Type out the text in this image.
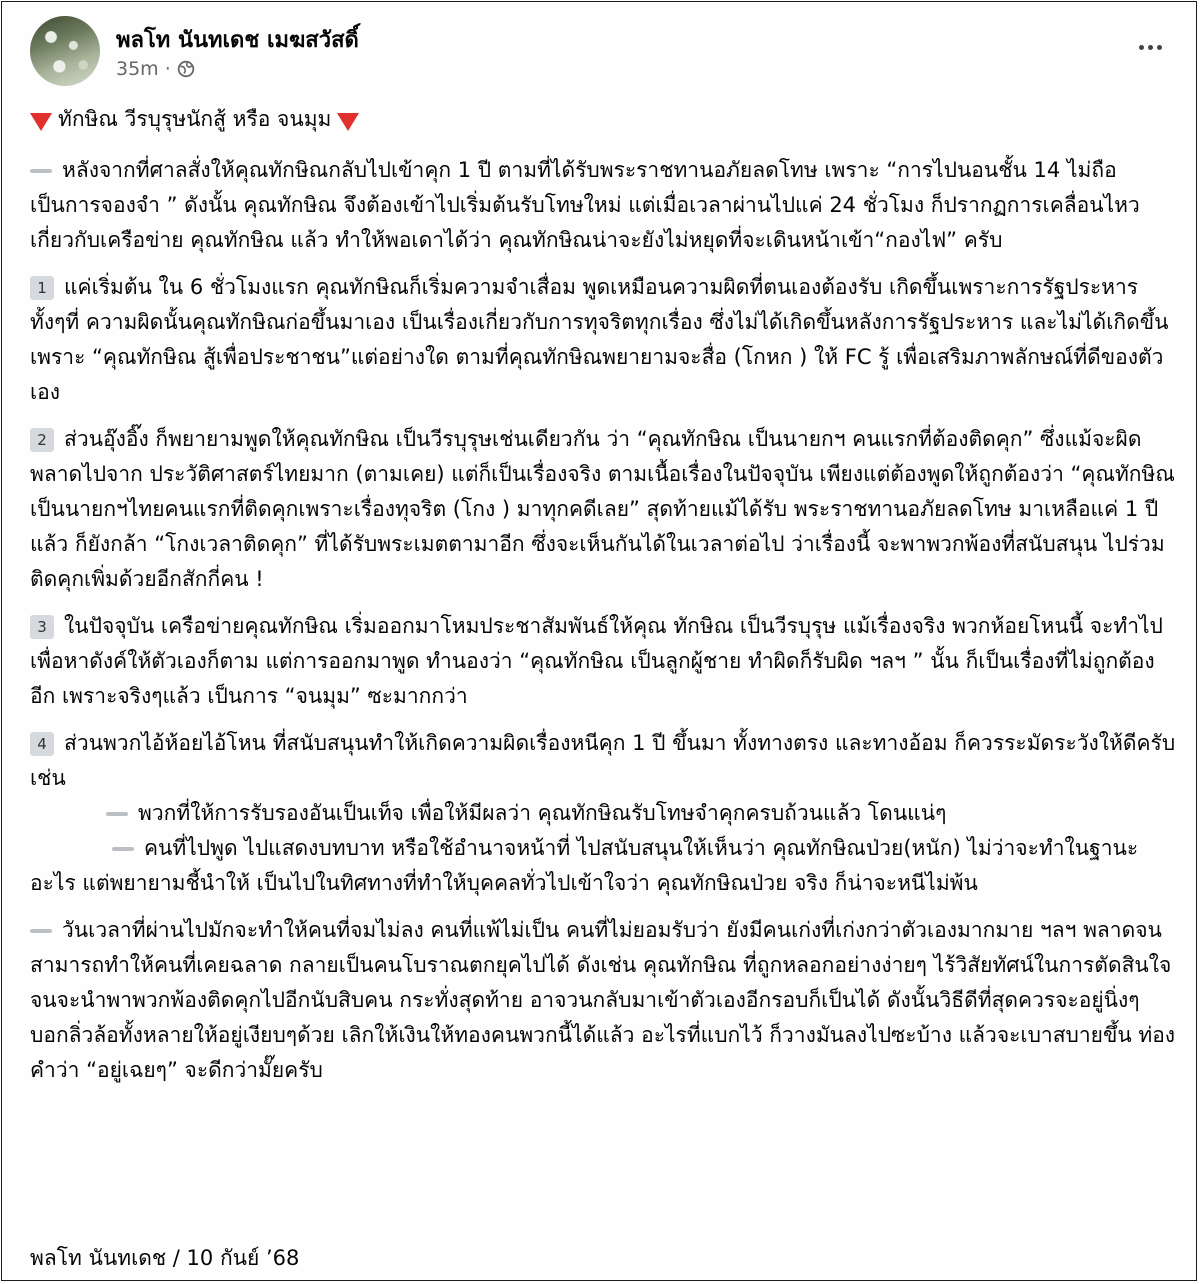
พลโท นันทเดช เมฆสวัสดิ์
35m ·

ทักษิณ วีรบุรุษนักสู้ หรือ จนมุม

หลังจากที่ศาลสั่งให้คุณทักษิณกลับไปเข้าคุก 1 ปี ตามที่ได้รับพระราชทานอภัยลดโทษ เพราะ “การไปนอนชั้น 14 ไม่ถือเป็นการจองจำ ” ดังนั้น คุณทักษิณ จึงต้องเข้าไปเริ่มต้นรับโทษใหม่ แต่เมื่อเวลาผ่านไปแค่ 24 ชั่วโมง ก็ปรากฏการเคลื่อนไหวเกี่ยวกับเครือข่าย คุณทักษิณ แล้ว ทำให้พอเดาได้ว่า คุณทักษิณน่าจะยังไม่หยุดที่จะเดินหน้าเข้า“กองไฟ” ครับ

1 แค่เริ่มต้น ใน 6 ชั่วโมงแรก คุณทักษิณก็เริ่มความจำเสื่อม พูดเหมือนความผิดที่ตนเองต้องรับ เกิดขึ้นเพราะการรัฐประหาร ทั้งๆที่ ความผิดนั้นคุณทักษิณก่อขึ้นมาเอง เป็นเรื่องเกี่ยวกับการทุจริตทุกเรื่อง ซึ่งไม่ได้เกิดขึ้นหลังการรัฐประหาร และไม่ได้เกิดขึ้นเพราะ “คุณทักษิณ สู้เพื่อประชาชน”แต่อย่างใด ตามที่คุณทักษิณพยายามจะสื่อ (โกหก ) ให้ FC รู้ เพื่อเสริมภาพลักษณ์ที่ดีของตัวเอง

2 ส่วนอุ๊งอิ๊ง ก็พยายามพูดให้คุณทักษิณ เป็นวีรบุรุษเช่นเดียวกัน ว่า “คุณทักษิณ เป็นนายกฯ คนแรกที่ต้องติดคุก” ซึ่งแม้จะผิดพลาดไปจาก ประวัติศาสตร์ไทยมาก (ตามเคย) แต่ก็เป็นเรื่องจริง ตามเนื้อเรื่องในปัจจุบัน เพียงแต่ต้องพูดให้ถูกต้องว่า “คุณทักษิณ เป็นนายกฯไทยคนแรกที่ติดคุกเพราะเรื่องทุจริต (โกง ) มาทุกคดีเลย” สุดท้ายแม้ได้รับ พระราชทานอภัยลดโทษ มาเหลือแค่ 1 ปีแล้ว ก็ยังกล้า “โกงเวลาติดคุก” ที่ได้รับพระเมตตามาอีก ซึ่งจะเห็นกันได้ในเวลาต่อไป ว่าเรื่องนี้ จะพาพวกพ้องที่สนับสนุน ไปร่วมติดคุกเพิ่มด้วยอีกสักกี่คน !

3 ในปัจจุบัน เครือข่ายคุณทักษิณ เริ่มออกมาโหมประชาสัมพันธ์ให้คุณ ทักษิณ เป็นวีรบุรุษ แม้เรื่องจริง พวกห้อยโหนนี้ จะทำไปเพื่อหาดังค์ให้ตัวเองก็ตาม แต่การออกมาพูด ทำนองว่า “คุณทักษิณ เป็นลูกผู้ชาย ทำผิดก็รับผิด ฯลฯ ” นั้น ก็เป็นเรื่องที่ไม่ถูกต้องอีก เพราะจริงๆแล้ว เป็นการ “จนมุม” ซะมากกว่า

4 ส่วนพวกไอ้ห้อยไอ้โหน ที่สนับสนุนทำให้เกิดความผิดเรื่องหนีคุก 1 ปี ขึ้นมา ทั้งทางตรง และทางอ้อม ก็ควรระมัดระวังให้ดีครับ เช่น

พวกที่ให้การรับรองอันเป็นเท็จ เพื่อให้มีผลว่า คุณทักษิณรับโทษจำคุกครบถ้วนแล้ว โดนแน่ๆ

คนที่ไปพูด ไปแสดงบทบาท หรือใช้อำนาจหน้าที่ ไปสนับสนุนให้เห็นว่า คุณทักษิณป่วย(หนัก) ไม่ว่าจะทำในฐานะอะไร แต่พยายามชี้นำให้ เป็นไปในทิศทางที่ทำให้บุคคลทั่วไปเข้าใจว่า คุณทักษิณป่วย จริง ก็น่าจะหนีไม่พ้น

วันเวลาที่ผ่านไปมักจะทำให้คนที่จมไม่ลง คนที่แพ้ไม่เป็น คนที่ไม่ยอมรับว่า ยังมีคนเก่งที่เก่งกว่าตัวเองมากมาย ฯลฯ พลาดจนสามารถทำให้คนที่เคยฉลาด กลายเป็นคนโบราณตกยุคไปได้ ดังเช่น คุณทักษิณ ที่ถูกหลอกอย่างง่ายๆ ไร้วิสัยทัศน์ในการตัดสินใจ จนจะนำพาพวกพ้องติดคุกไปอีกนับสิบคน กระทั่งสุดท้าย อาจวนกลับมาเข้าตัวเองอีกรอบก็เป็นได้ ดังนั้นวิธีดีที่สุดควรจะอยู่นิ่งๆ บอกลิ่วล้อทั้งหลายให้อยู่เงียบๆด้วย เลิกให้เงินให้ทองคนพวกนี้ได้แล้ว อะไรที่แบกไว้ ก็วางมันลงไปซะบ้าง แล้วจะเบาสบายขึ้น ท่องคำว่า “อยู่เฉยๆ” จะดีกว่ามั๊ยครับ

พลโท นันทเดช / 10 กันย์ ’68
